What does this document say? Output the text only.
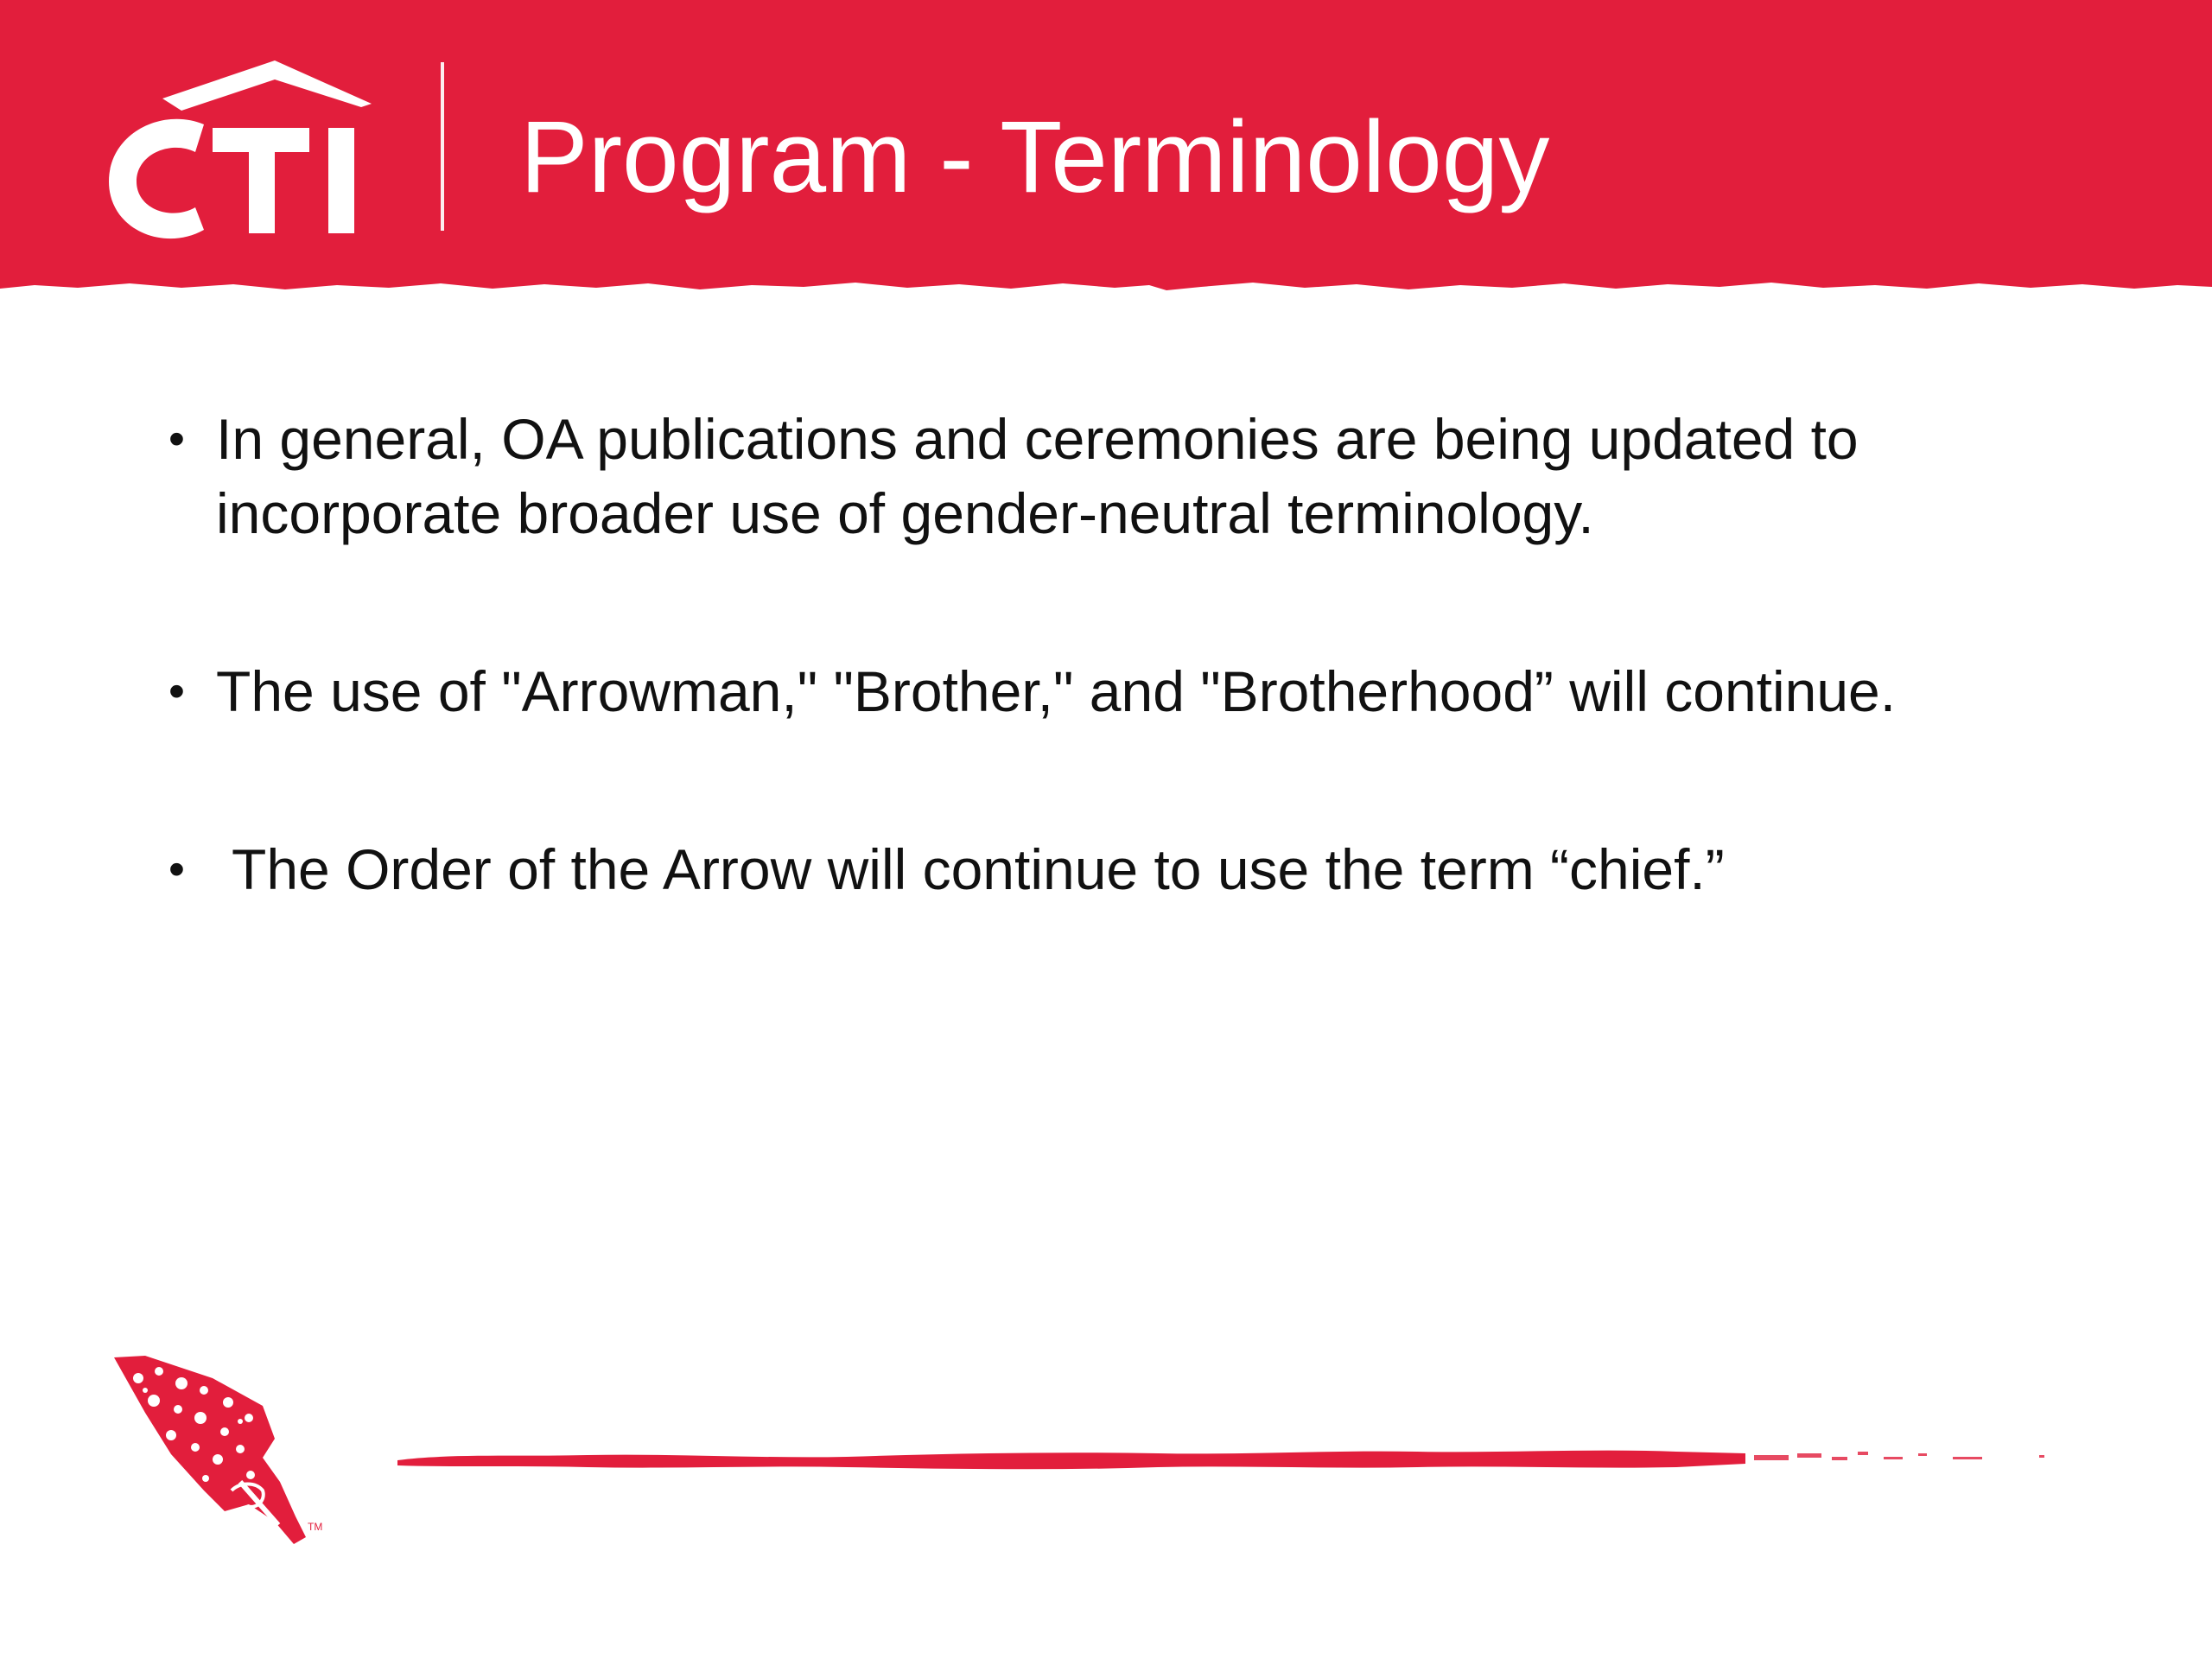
Program - Terminology
• In general, OA publications and ceremonies are being updated to incorporate broader use of gender-neutral terminology.
• The use of "Arrowman," "Brother," and "Brotherhood” will continue.
• The Order of the Arrow will continue to use the term “chief.”
TM
